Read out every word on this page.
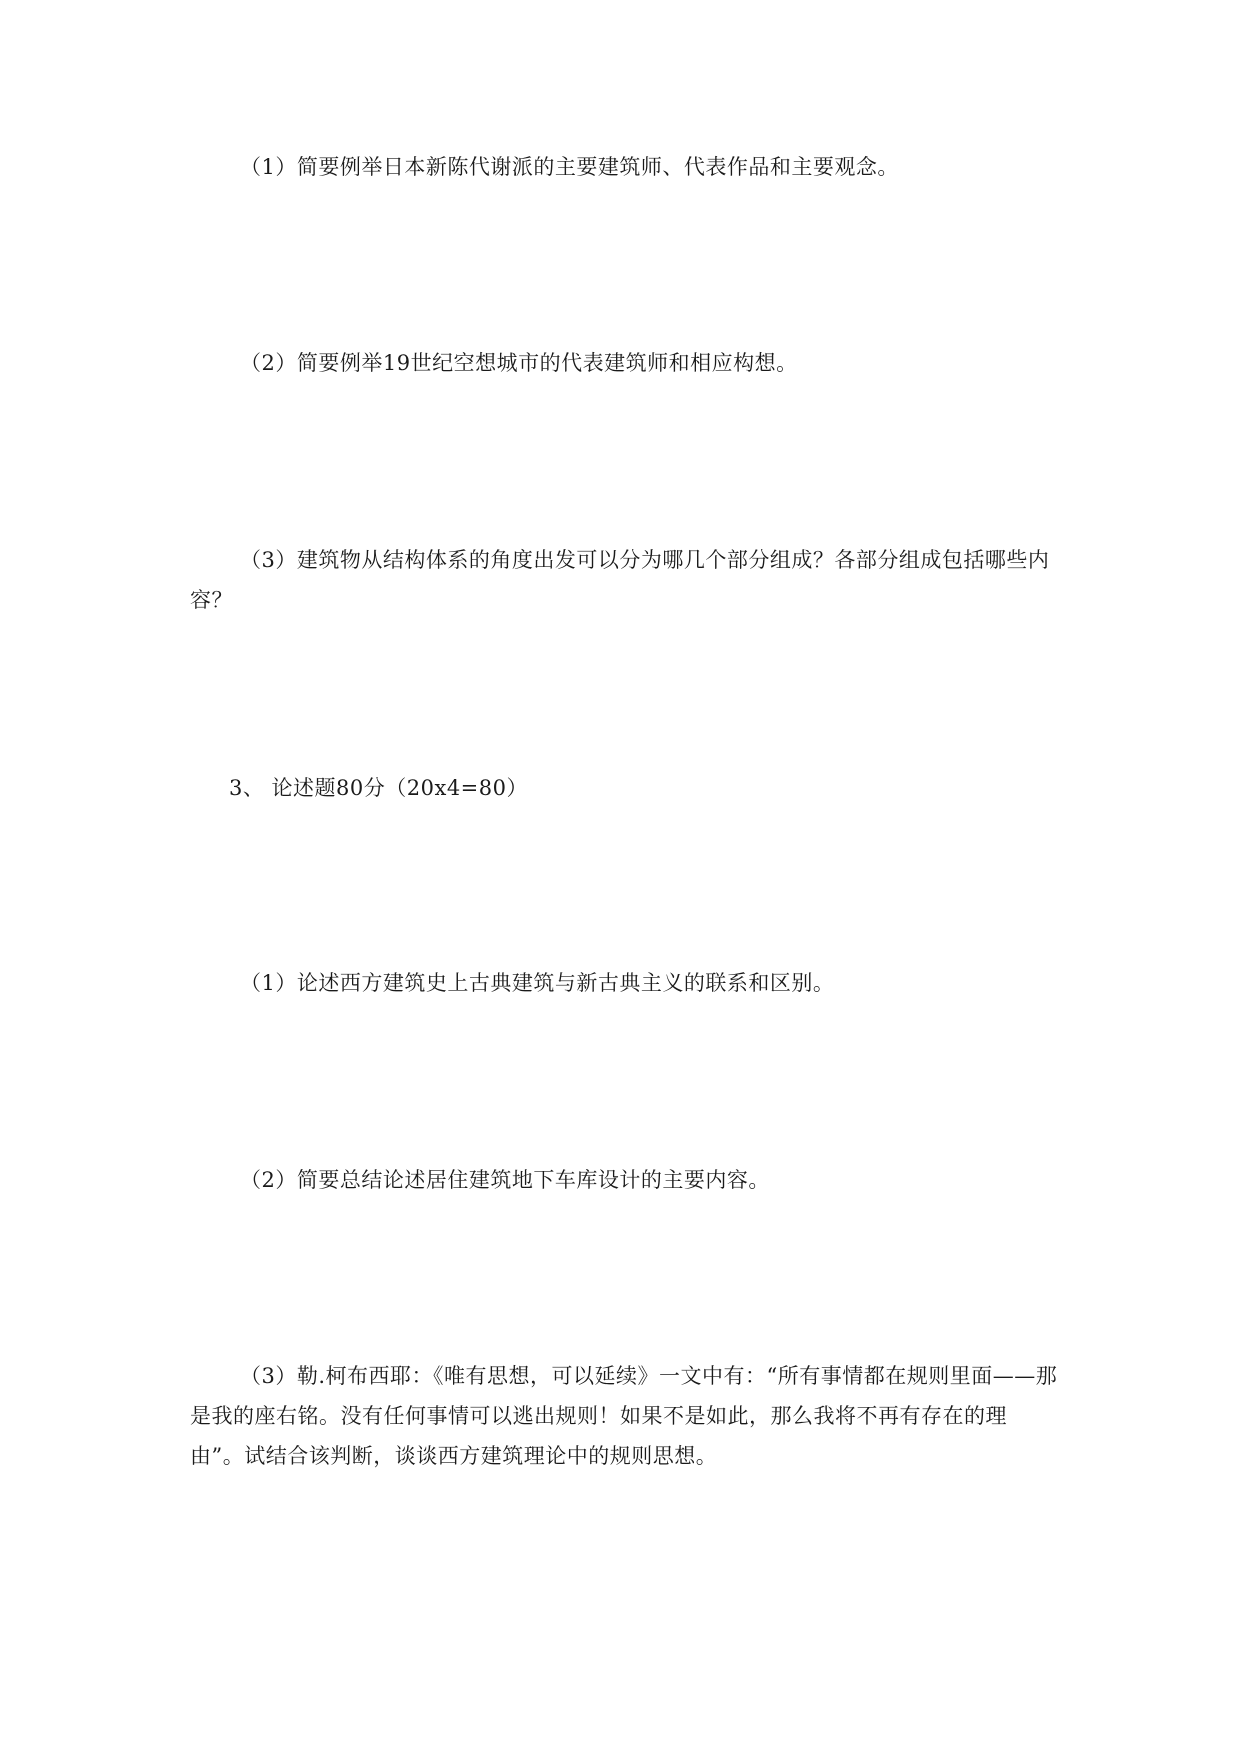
（1）简要例举日本新陈代谢派的主要建筑师、代表作品和主要观念。

（2）简要例举19世纪空想城市的代表建筑师和相应构想。

（3）建筑物从结构体系的角度出发可以分为哪几个部分组成？各部分组成包括哪些内容？

3、 论述题80分（20x4=80）

（1）论述西方建筑史上古典建筑与新古典主义的联系和区别。

（2）简要总结论述居住建筑地下车库设计的主要内容。

（3）勒.柯布西耶：《唯有思想，可以延续》一文中有：“所有事情都在规则里面——那是我的座右铭。没有任何事情可以逃出规则！如果不是如此，那么我将不再有存在的理由”。试结合该判断，谈谈西方建筑理论中的规则思想。
